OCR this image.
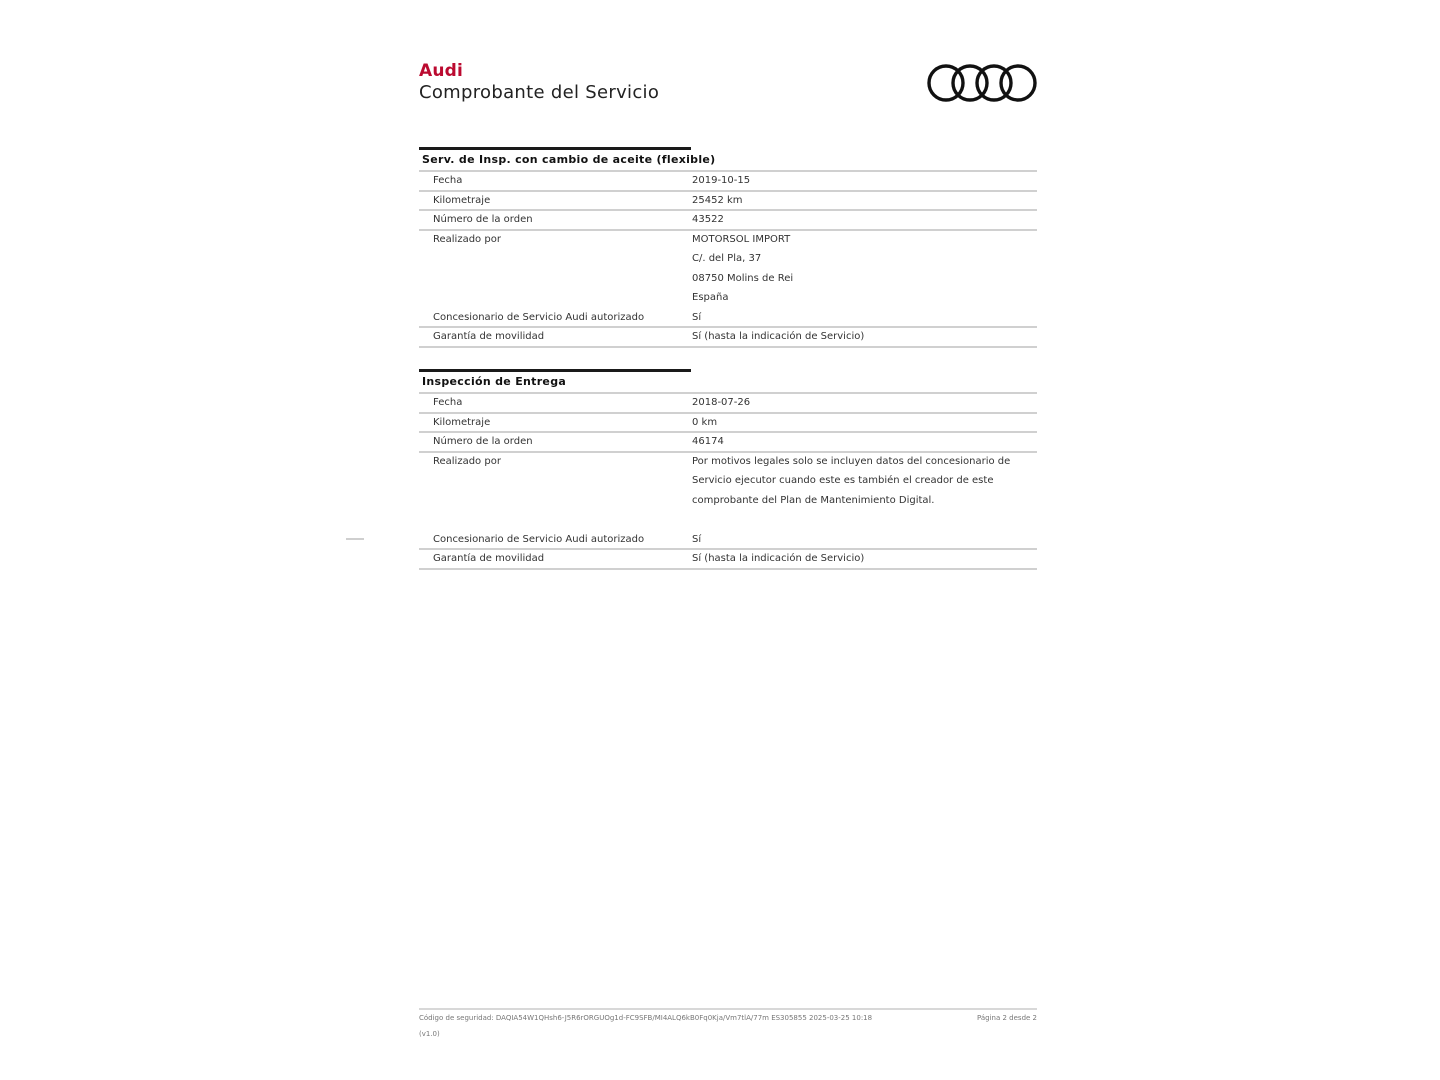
Audi
Comprobante del Servicio
Serv. de Insp. con cambio de aceite (flexible)
Fecha	2019-10-15
Kilometraje	25452 km
Número de la orden	43522
Realizado por	MOTORSOL IMPORT
C/. del Pla, 37
08750 Molins de Rei
España
Concesionario de Servicio Audi autorizado	Sí
Garantía de movilidad	Sí (hasta la indicación de Servicio)
Inspección de Entrega
Fecha	2018-07-26
Kilometraje	0 km
Número de la orden	46174
Realizado por	Por motivos legales solo se incluyen datos del concesionario de
Servicio ejecutor cuando este es también el creador de este
comprobante del Plan de Mantenimiento Digital.
Concesionario de Servicio Audi autorizado	Sí
Garantía de movilidad	Sí (hasta la indicación de Servicio)
Código de seguridad: DAQIA54W1QHsh6-J5R6rORGUOg1d-FC9SFB/MI4ALQ6kB0Fq0Kja/Vm7tlA/77m ES305855 2025-03-25 10:18	Página 2 desde 2
(v1.0)
